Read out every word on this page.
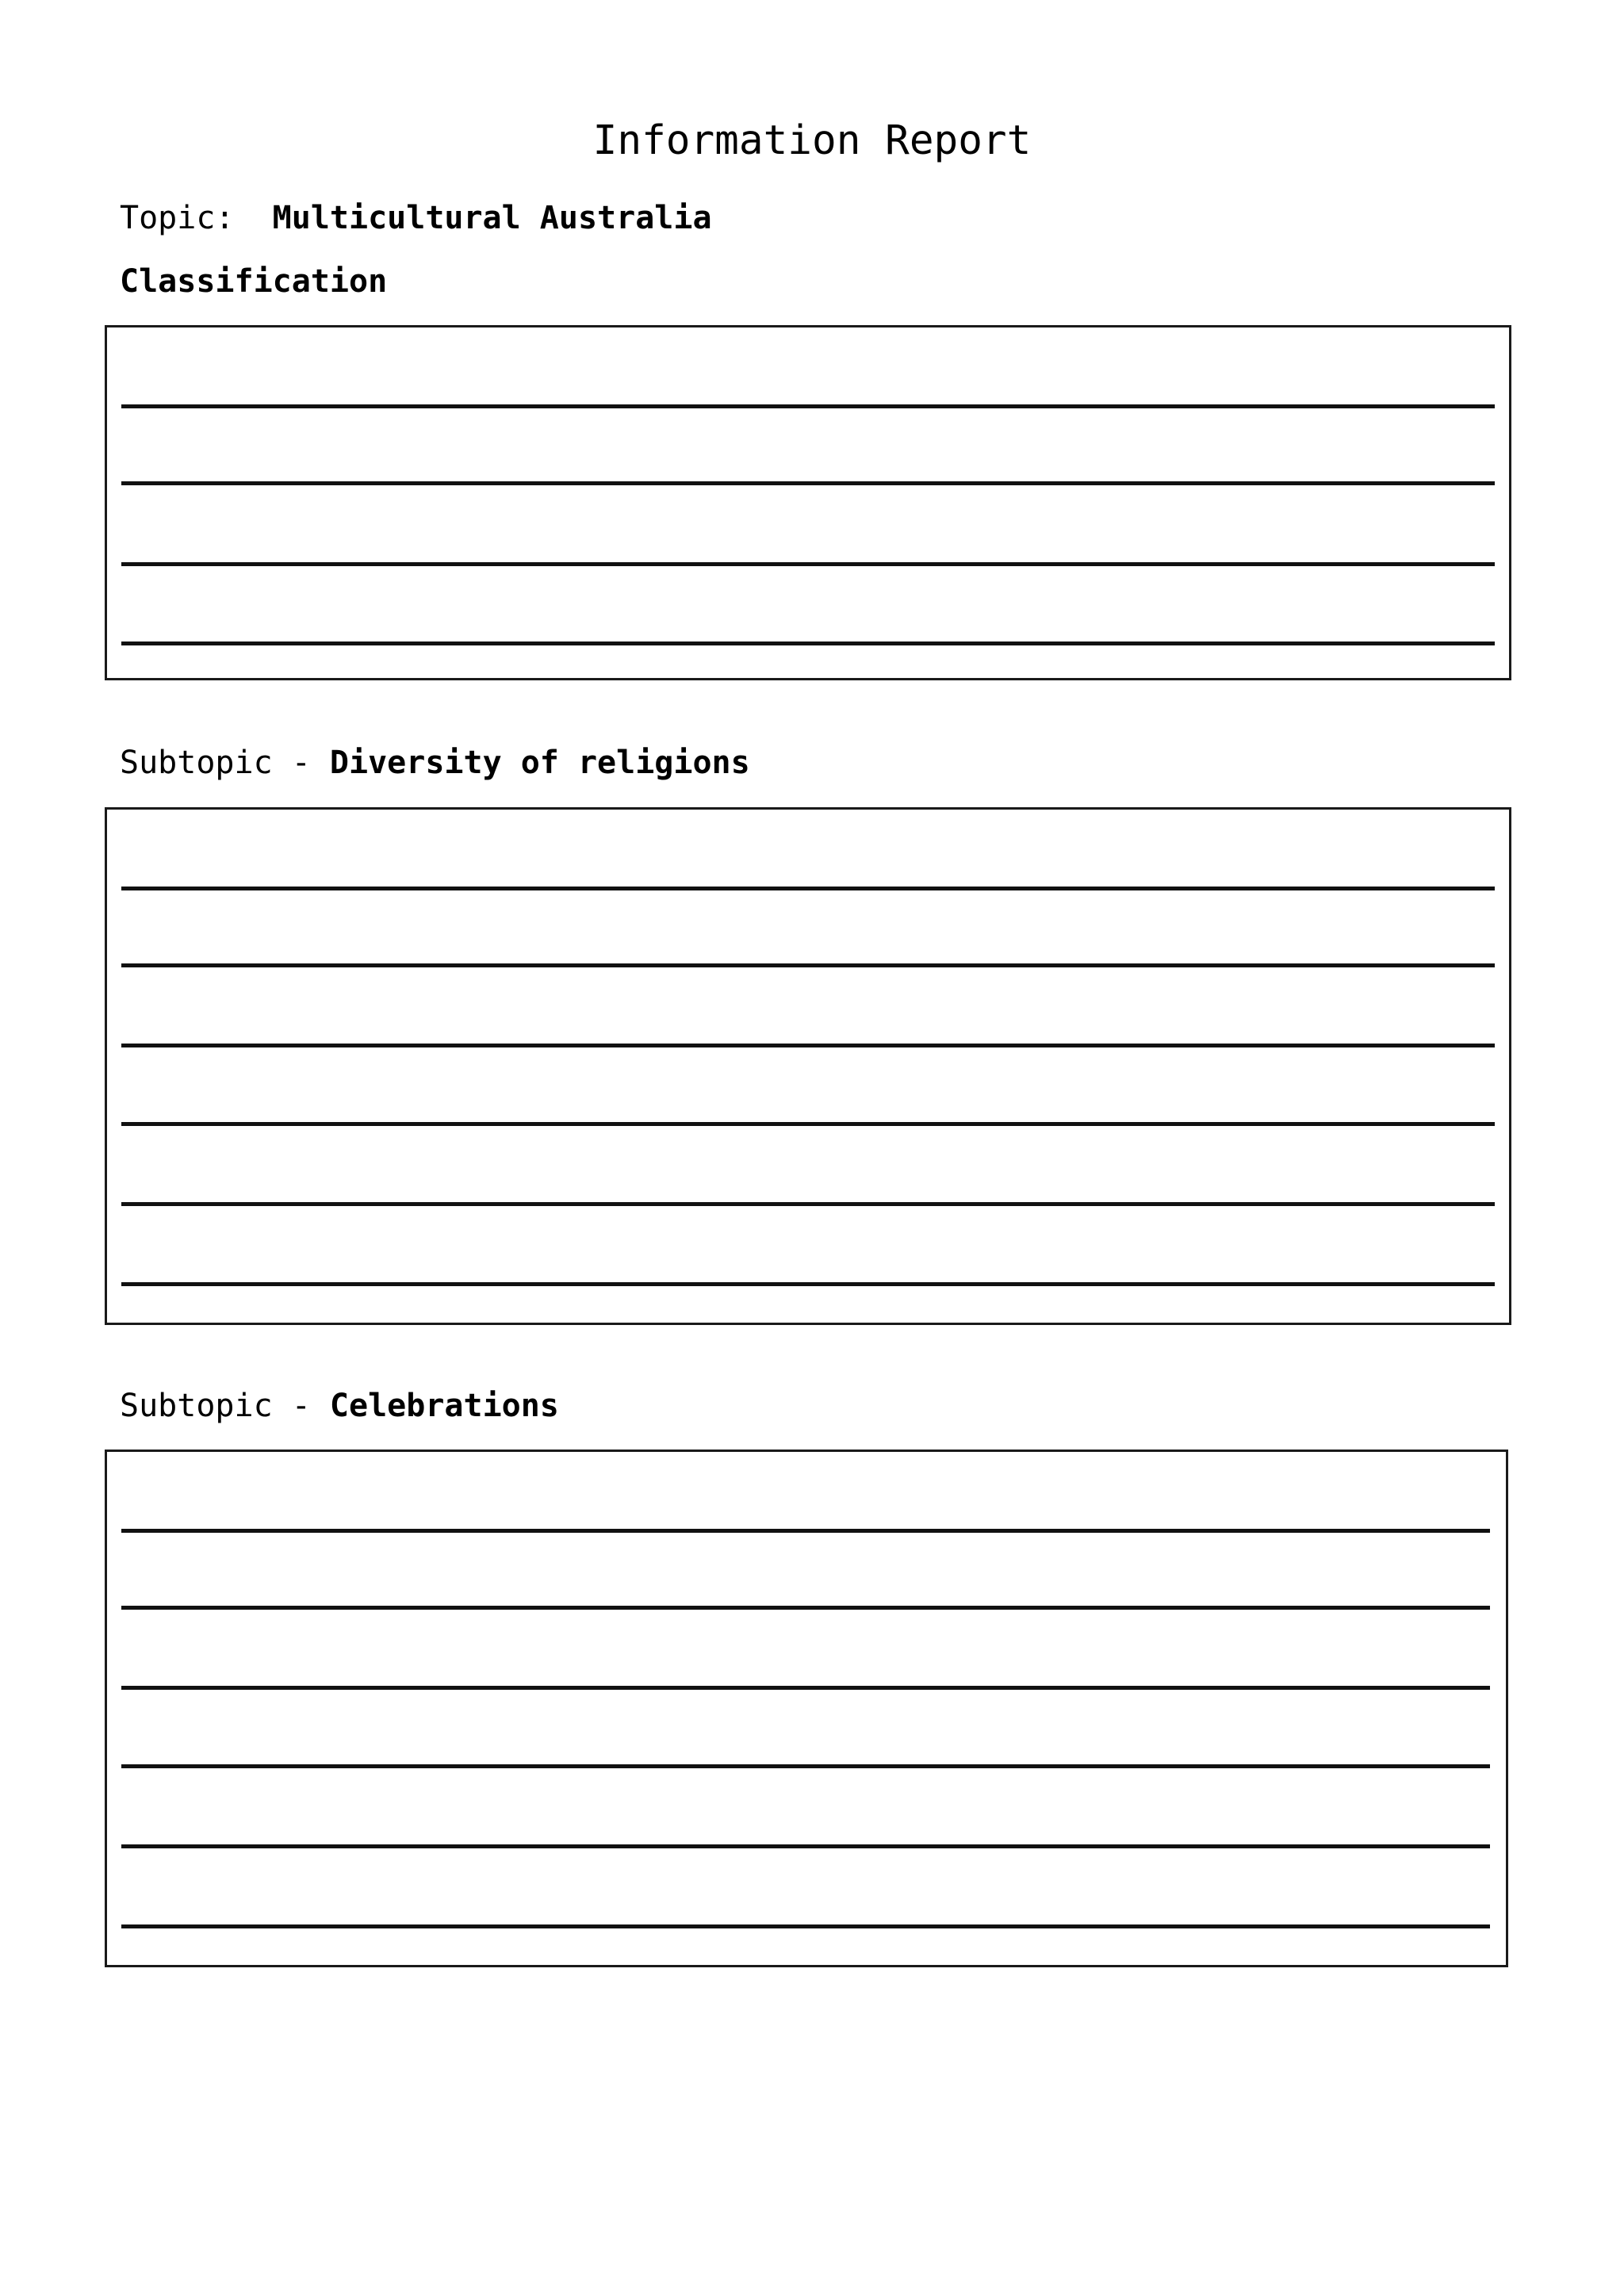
Information Report
Topic:  Multicultural Australia
Classification
Subtopic - Diversity of religions
Subtopic - Celebrations
